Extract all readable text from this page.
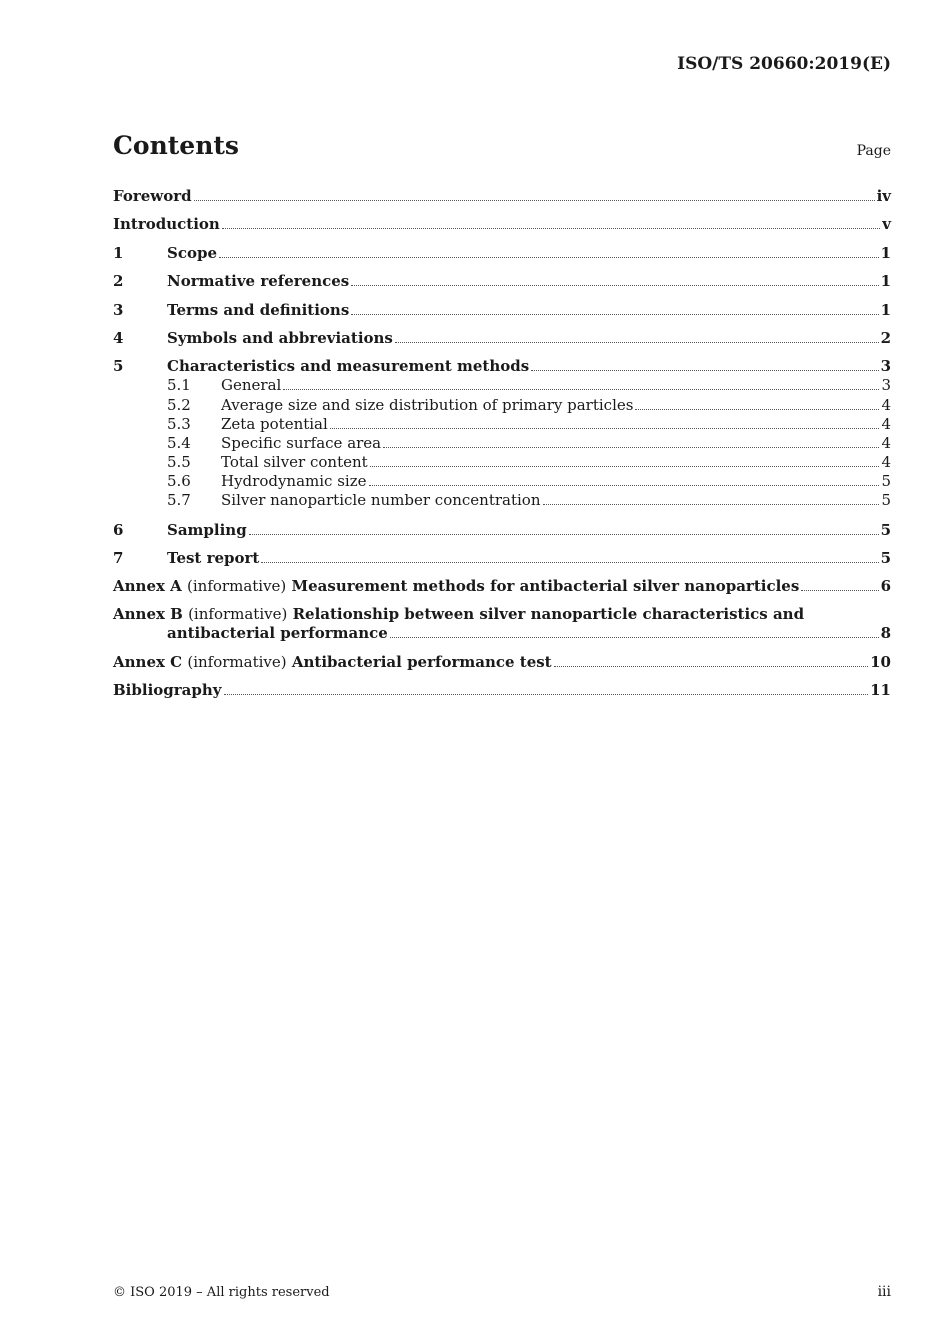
ISO/TS 20660:2019(E)
Contents	Page
Foreword	iv
Introduction	v
1	Scope	1
2	Normative references	1
3	Terms and definitions	1
4	Symbols and abbreviations	2
5	Characteristics and measurement methods	3
5.1	General	3
5.2	Average size and size distribution of primary particles	4
5.3	Zeta potential	4
5.4	Specific surface area	4
5.5	Total silver content	4
5.6	Hydrodynamic size	5
5.7	Silver nanoparticle number concentration	5
6	Sampling	5
7	Test report	5
Annex A (informative) Measurement methods for antibacterial silver nanoparticles	6
Annex B (informative) Relationship between silver nanoparticle characteristics and
antibacterial performance	8
Annex C (informative) Antibacterial performance test	10
Bibliography	11
© ISO 2019 – All rights reserved	iii
